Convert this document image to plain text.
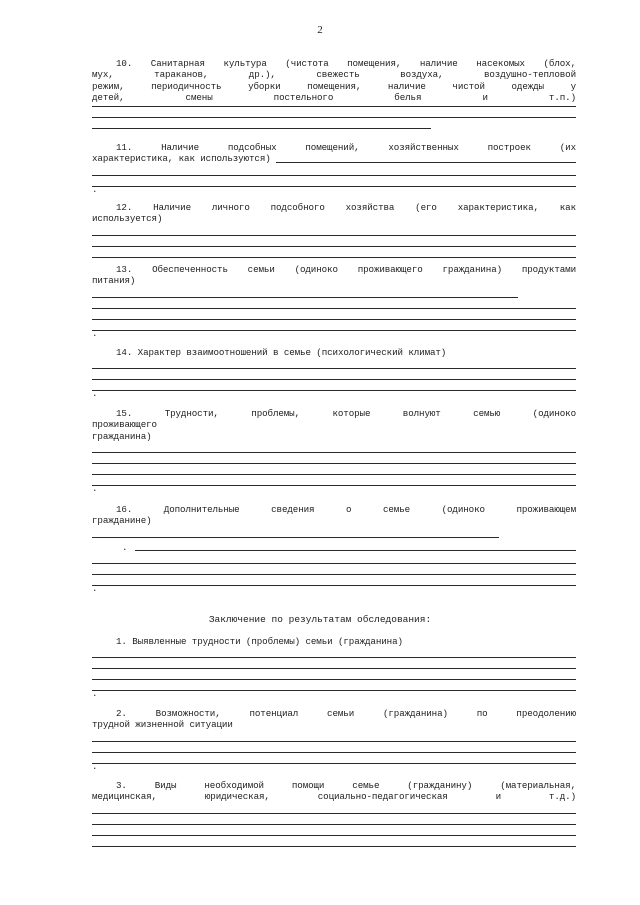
2

10. Санитарная культура (чистота помещения, наличие насекомых (блох,

мух, тараканов, др.), свежесть воздуха, воздушно-тепловой

режим, периодичность уборки помещения, наличие чистой одежды у

детей, смены постельного белья и т.п.)

11. Наличие подсобных помещений, хозяйственных построек (их

характеристика, как используются)
.

12. Наличие личного подсобного хозяйства (его характеристика, как

используется)

13. Обеспеченность семьи (одиноко проживающего гражданина) продуктами

питания)

.

14. Характер взаимоотношений в семье (психологический климат)

.

15. Трудности, проблемы, которые волнуют семью (одиноко

проживающего

гражданина)

.

16. Дополнительные сведения о семье (одиноко проживающем

гражданине)

.
.
Заключение по результатам обследования:

1. Выявленные трудности (проблемы) семьи (гражданина)

.

2. Возможности, потенциал семьи (гражданина) по преодолению

трудной жизненной ситуации

.

3. Виды необходимой помощи семье (гражданину) (материальная,

медицинская, юридическая, социально-педагогическая и т.д.)
